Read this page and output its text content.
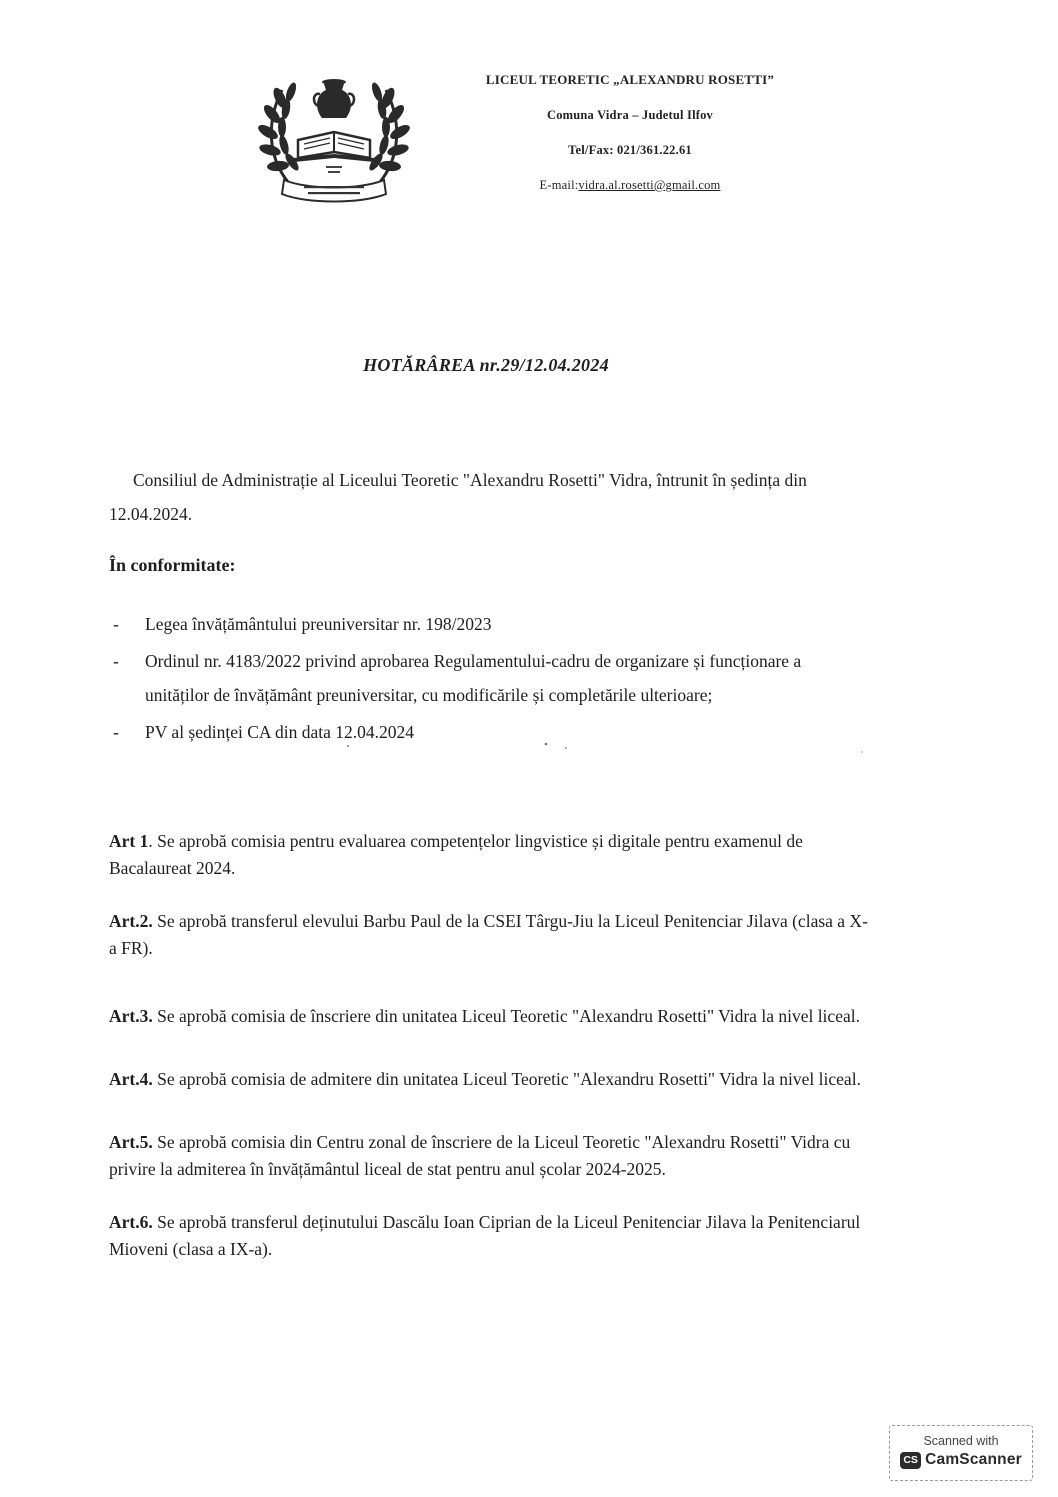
LICEUL TEORETIC „ALEXANDRU ROSETTI”
Comuna Vidra – Judetul Ilfov
Tel/Fax: 021/361.22.61
E-mail:vidra.al.rosetti@gmail.com
HOTĂRÂREA nr.29/12.04.2024
Consiliul de Administrație al Liceului Teoretic "Alexandru Rosetti" Vidra, întrunit în ședința din 12.04.2024.
În conformitate:
- Legea învățământului preuniversitar nr. 198/2023
- Ordinul nr. 4183/2022 privind aprobarea Regulamentului-cadru de organizare și funcționare a unităților de învățământ preuniversitar, cu modificările și completările ulterioare;
- PV al ședinței CA din data 12.04.2024

Art 1. Se aprobă comisia pentru evaluarea competențelor lingvistice și digitale pentru examenul de Bacalaureat 2024.

Art.2. Se aprobă transferul elevului Barbu Paul de la CSEI Târgu-Jiu la Liceul Penitenciar Jilava (clasa a X-a FR).

Art.3. Se aprobă comisia de înscriere din unitatea Liceul Teoretic "Alexandru Rosetti" Vidra la nivel liceal.

Art.4. Se aprobă comisia de admitere din unitatea Liceul Teoretic "Alexandru Rosetti" Vidra la nivel liceal.

Art.5. Se aprobă comisia din Centru zonal de înscriere de la Liceul Teoretic "Alexandru Rosetti" Vidra cu privire la admiterea în învățământul liceal de stat pentru anul școlar 2024-2025.

Art.6. Se aprobă transferul deținutului Dascălu Ioan Ciprian de la Liceul Penitenciar Jilava la Penitenciarul Mioveni (clasa a IX-a).

Scanned with
CS CamScanner
